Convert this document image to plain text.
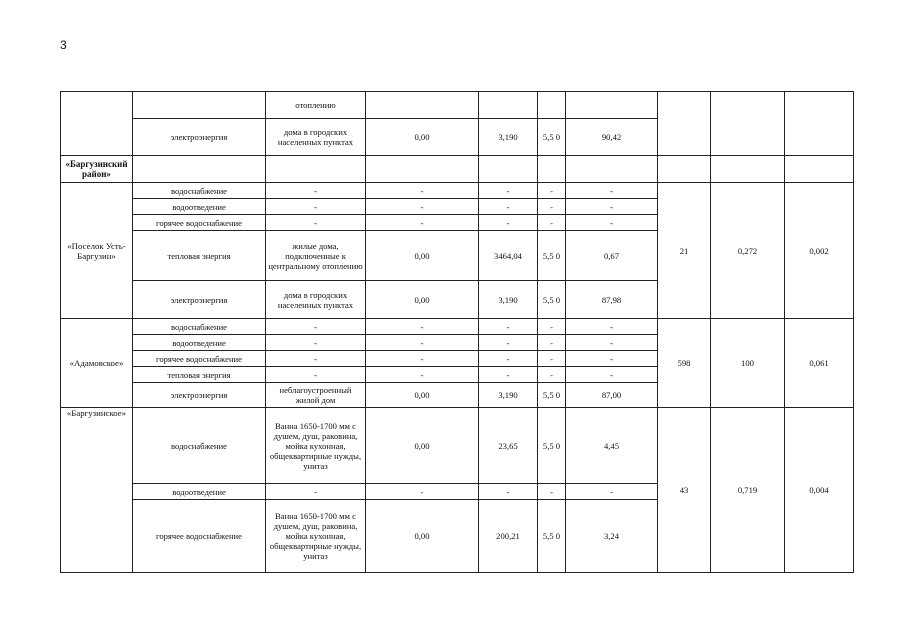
3
		отоплению							
	электроэнергия	дома в городских населенных пунктах	0,00	3,190	5,5 0	90,42			
«Баргузинский район»									
«Поселок Усть-Баргузин»	водоснабжение	-	-	-	-	-	21	0,272	0,002
	водоотведение	-	-	-	-	-			
	горячее водоснабжение	-	-	-	-	-			
	тепловая энергия	жилые дома, подключенные к центральному отоплению	0,00	3464,04	5,5 0	0,67			
	электроэнергия	дома в городских населенных пунктах	0,00	3,190	5,5 0	87,98			
«Адамовское»	водоснабжение	-	-	-	-	-	598	100	0,061
	водоотведение	-	-	-	-	-			
	горячее водоснабжение	-	-	-	-	-			
	тепловая энергия	-	-	-	-	-			
	электроэнергия	неблагоустроенный жилой дом	0,00	3,190	5,5 0	87,00			
«Баргузинское»	водоснабжение	Ванна 1650-1700 мм с душем, душ, раковина, мойка кухонная, общеквартирные нужды, унитаз	0,00	23,65	5,5 0	4,45	43	0,719	0,004
	водоотведение	-	-	-	-	-			
	горячее водоснабжение	Ванна 1650-1700 мм с душем, душ, раковина, мойка кухонная, общеквартирные нужды, унитаз	0,00	200,21	5,5 0	3,24			
